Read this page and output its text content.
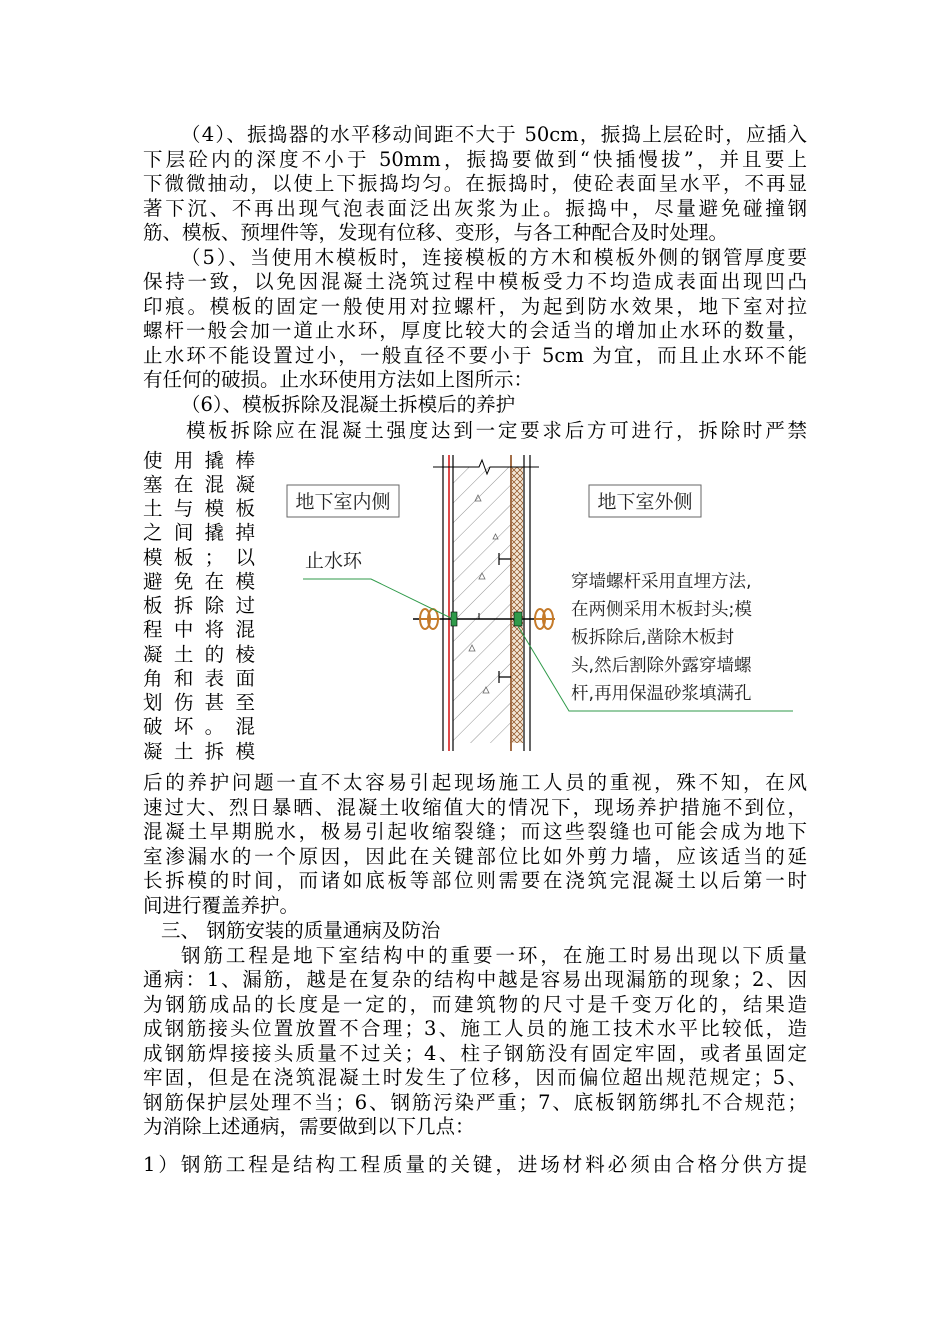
（4）、振捣器的水平移动间距不大于 50cm，振捣上层砼时，应插入
下层砼内的深度不小于 50mm，振捣要做到“快插慢拔”，并且要上
下微微抽动，以使上下振捣均匀。在振捣时，使砼表面呈水平，不再显
著下沉、不再出现气泡表面泛出灰浆为止。振捣中，尽量避免碰撞钢
筋、模板、预埋件等，发现有位移、变形，与各工种配合及时处理。
（5）、当使用木模板时，连接模板的方木和模板外侧的钢管厚度要
保持一致，以免因混凝土浇筑过程中模板受力不均造成表面出现凹凸
印痕。模板的固定一般使用对拉螺杆，为起到防水效果，地下室对拉
螺杆一般会加一道止水环，厚度比较大的会适当的增加止水环的数量，
止水环不能设置过小，一般直径不要小于 5cm 为宜，而且止水环不能
有任何的破损。止水环使用方法如上图所示：
（6）、模板拆除及混凝土拆模后的养护
模板拆除应在混凝土强度达到一定要求后方可进行，拆除时严禁
使用撬棒
塞在混凝
土与模板
之间撬掉
模板；以
避免在模
板拆除过
程中将混
凝土的棱
角和表面
划伤甚至
破坏。混
凝土拆模
地下室内侧	地下室外侧
止水环
穿墙螺杆采用直埋方法,
在两侧采用木板封头;模
板拆除后,凿除木板封
头,然后割除外露穿墙螺
杆,再用保温砂浆填满孔
后的养护问题一直不太容易引起现场施工人员的重视，殊不知，在风
速过大、烈日暴晒、混凝土收缩值大的情况下，现场养护措施不到位，
混凝土早期脱水，极易引起收缩裂缝；而这些裂缝也可能会成为地下
室渗漏水的一个原因，因此在关键部位比如外剪力墙，应该适当的延
长拆模的时间，而诸如底板等部位则需要在浇筑完混凝土以后第一时
间进行覆盖养护。
三、 钢筋安装的质量通病及防治
钢筋工程是地下室结构中的重要一环，在施工时易出现以下质量
通病：1、漏筋，越是在复杂的结构中越是容易出现漏筋的现象；2、因
为钢筋成品的长度是一定的，而建筑物的尺寸是千变万化的，结果造
成钢筋接头位置放置不合理；3、施工人员的施工技术水平比较低，造
成钢筋焊接接头质量不过关；4、柱子钢筋没有固定牢固，或者虽固定
牢固，但是在浇筑混凝土时发生了位移，因而偏位超出规范规定；5、
钢筋保护层处理不当；6、钢筋污染严重；7、底板钢筋绑扎不合规范；
为消除上述通病，需要做到以下几点：
1）钢筋工程是结构工程质量的关键，进场材料必须由合格分供方提
